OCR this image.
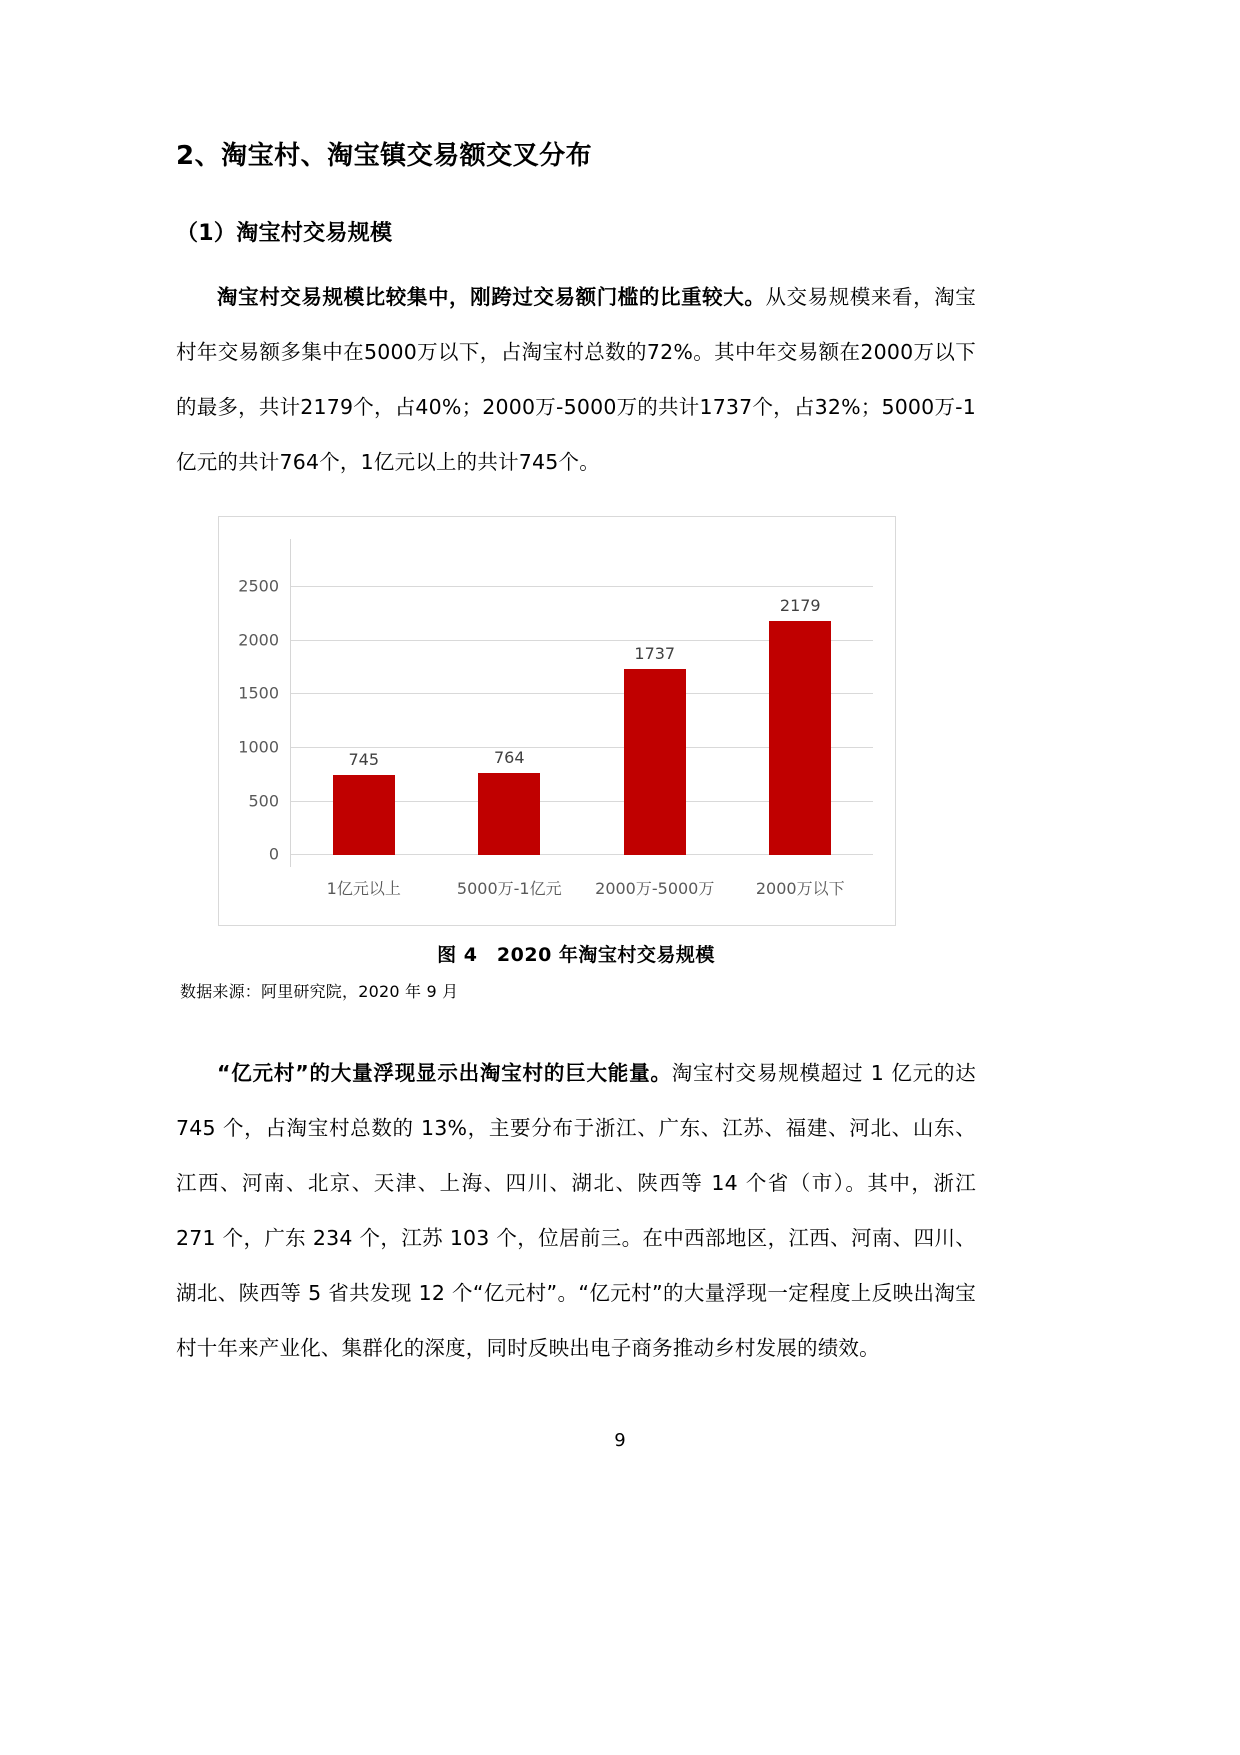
2、淘宝村、淘宝镇交易额交叉分布
（1）淘宝村交易规模

淘宝村交易规模比较集中，刚跨过交易额门槛的比重较大。从交易规模来看，淘宝村年交易额多集中在5000万以下，占淘宝村总数的72%。其中年交易额在2000万以下的最多，共计2179个，占40%；2000万-5000万的共计1737个，占32%；5000万-1亿元的共计764个，1亿元以上的共计745个。

0
500
1000
1500
2000
2500
745	764
1737
2179
1亿元以上	5000万-1亿元	2000万-5000万	2000万以下

图 4　2020 年淘宝村交易规模

数据来源：阿里研究院，2020 年 9 月

“亿元村”的大量浮现显示出淘宝村的巨大能量。淘宝村交易规模超过 1 亿元的达 745 个，占淘宝村总数的 13%，主要分布于浙江、广东、江苏、福建、河北、山东、江西、河南、北京、天津、上海、四川、湖北、陕西等 14 个省（市）。其中，浙江 271 个，广东 234 个，江苏 103 个，位居前三。在中西部地区，江西、河南、四川、湖北、陕西等 5 省共发现 12 个“亿元村”。“亿元村”的大量浮现一定程度上反映出淘宝村十年来产业化、集群化的深度，同时反映出电子商务推动乡村发展的绩效。

9
